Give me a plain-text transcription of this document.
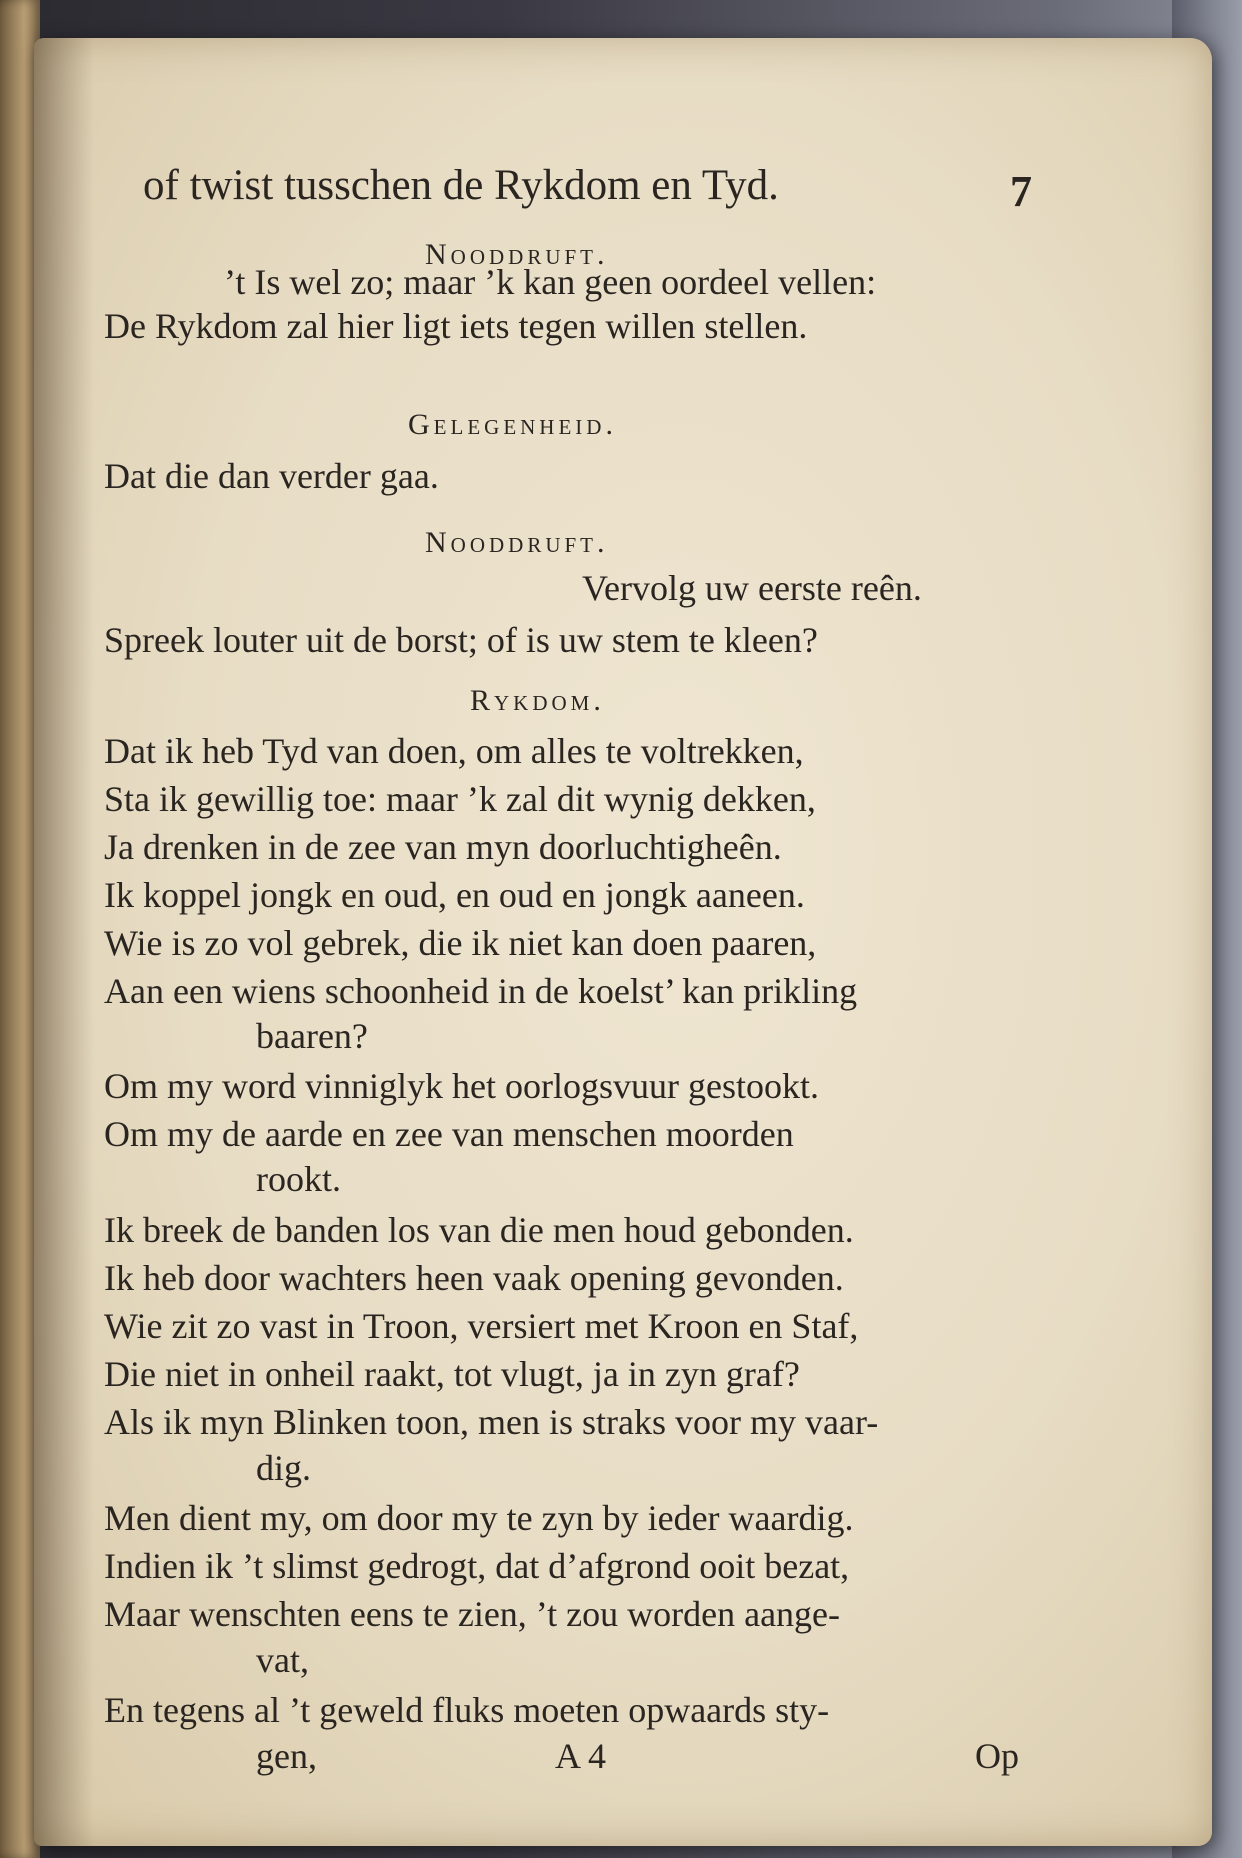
of twist tusschen de Rykdom en Tyd.	7
Nooddruft.
’t Is wel zo; maar ’k kan geen oordeel vellen:
De Rykdom zal hier ligt iets tegen willen stellen.
Gelegenheid.
Dat die dan verder gaa.
Nooddruft.
Vervolg uw eerste reên.
Spreek louter uit de borst; of is uw stem te kleen?
Rykdom.
Dat ik heb Tyd van doen, om alles te voltrekken,
Sta ik gewillig toe: maar ’k zal dit wynig dekken,
Ja drenken in de zee van myn doorluchtigheên.
Ik koppel jongk en oud, en oud en jongk aaneen.
Wie is zo vol gebrek, die ik niet kan doen paaren,
Aan een wiens schoonheid in de koelst’ kan prikling
baaren?
Om my word vinniglyk het oorlogsvuur gestookt.
Om my de aarde en zee van menschen moorden
rookt.
Ik breek de banden los van die men houd gebonden.
Ik heb door wachters heen vaak opening gevonden.
Wie zit zo vast in Troon, versiert met Kroon en Staf,
Die niet in onheil raakt, tot vlugt, ja in zyn graf?
Als ik myn Blinken toon, men is straks voor my vaar-
dig.
Men dient my, om door my te zyn by ieder waardig.
Indien ik ’t slimst gedrogt, dat d’afgrond ooit bezat,
Maar wenschten eens te zien, ’t zou worden aange-
vat,
En tegens al ’t geweld fluks moeten opwaards sty-
gen,	A 4	Op
